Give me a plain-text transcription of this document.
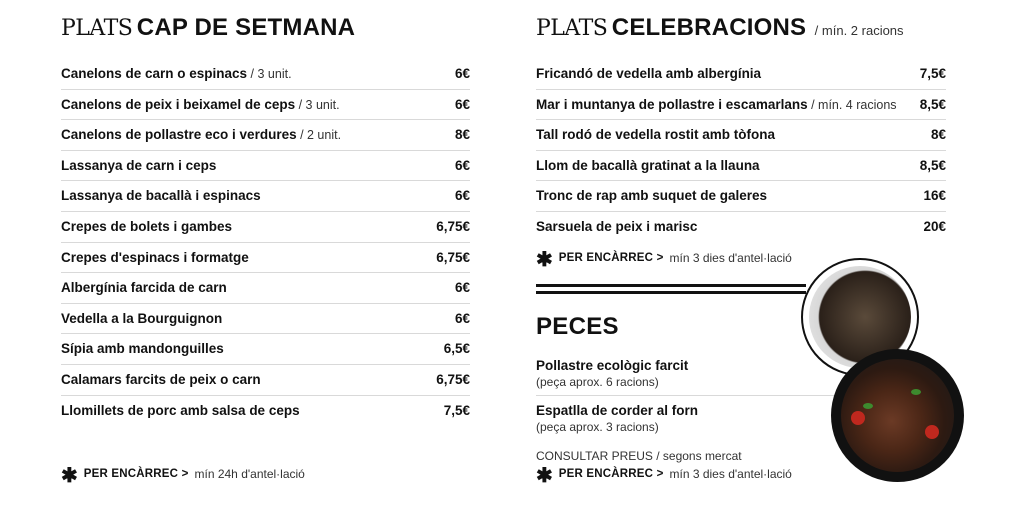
PLATS CAP DE SETMANA
Canelons de carn o espinacs / 3 unit.	6€
Canelons de peix i beixamel de ceps / 3 unit.	6€
Canelons de pollastre eco i verdures / 2 unit.	8€
Lassanya de carn i ceps	6€
Lassanya de bacallà i espinacs	6€
Crepes de bolets i gambes	6,75€
Crepes d'espinacs i formatge	6,75€
Albergínia farcida de carn	6€
Vedella a la Bourguignon	6€
Sípia amb mandonguilles	6,5€
Calamars farcits de peix o carn	6,75€
Llomillets de porc amb salsa de ceps	7,5€
✱ PER ENCÀRREC > mín 24h d'antel·lació
PLATS CELEBRACIONS / mín. 2 racions
Fricandó de vedella amb albergínia	7,5€
Mar i muntanya de pollastre i escamarlans / mín. 4 racions 8,5€
Tall rodó de vedella rostit amb tòfona	8€
Llom de bacallà gratinat a la llauna	8,5€
Tronc de rap amb suquet de galeres	16€
Sarsuela de peix i marisc	20€
✱ PER ENCÀRREC > mín 3 dies d'antel·lació
PECES
Pollastre ecològic farcit
(peça aprox. 6 racions)
Espatlla de corder al forn
(peça aprox. 3 racions)
CONSULTAR PREUS / segons mercat
✱ PER ENCÀRREC > mín 3 dies d'antel·lació
